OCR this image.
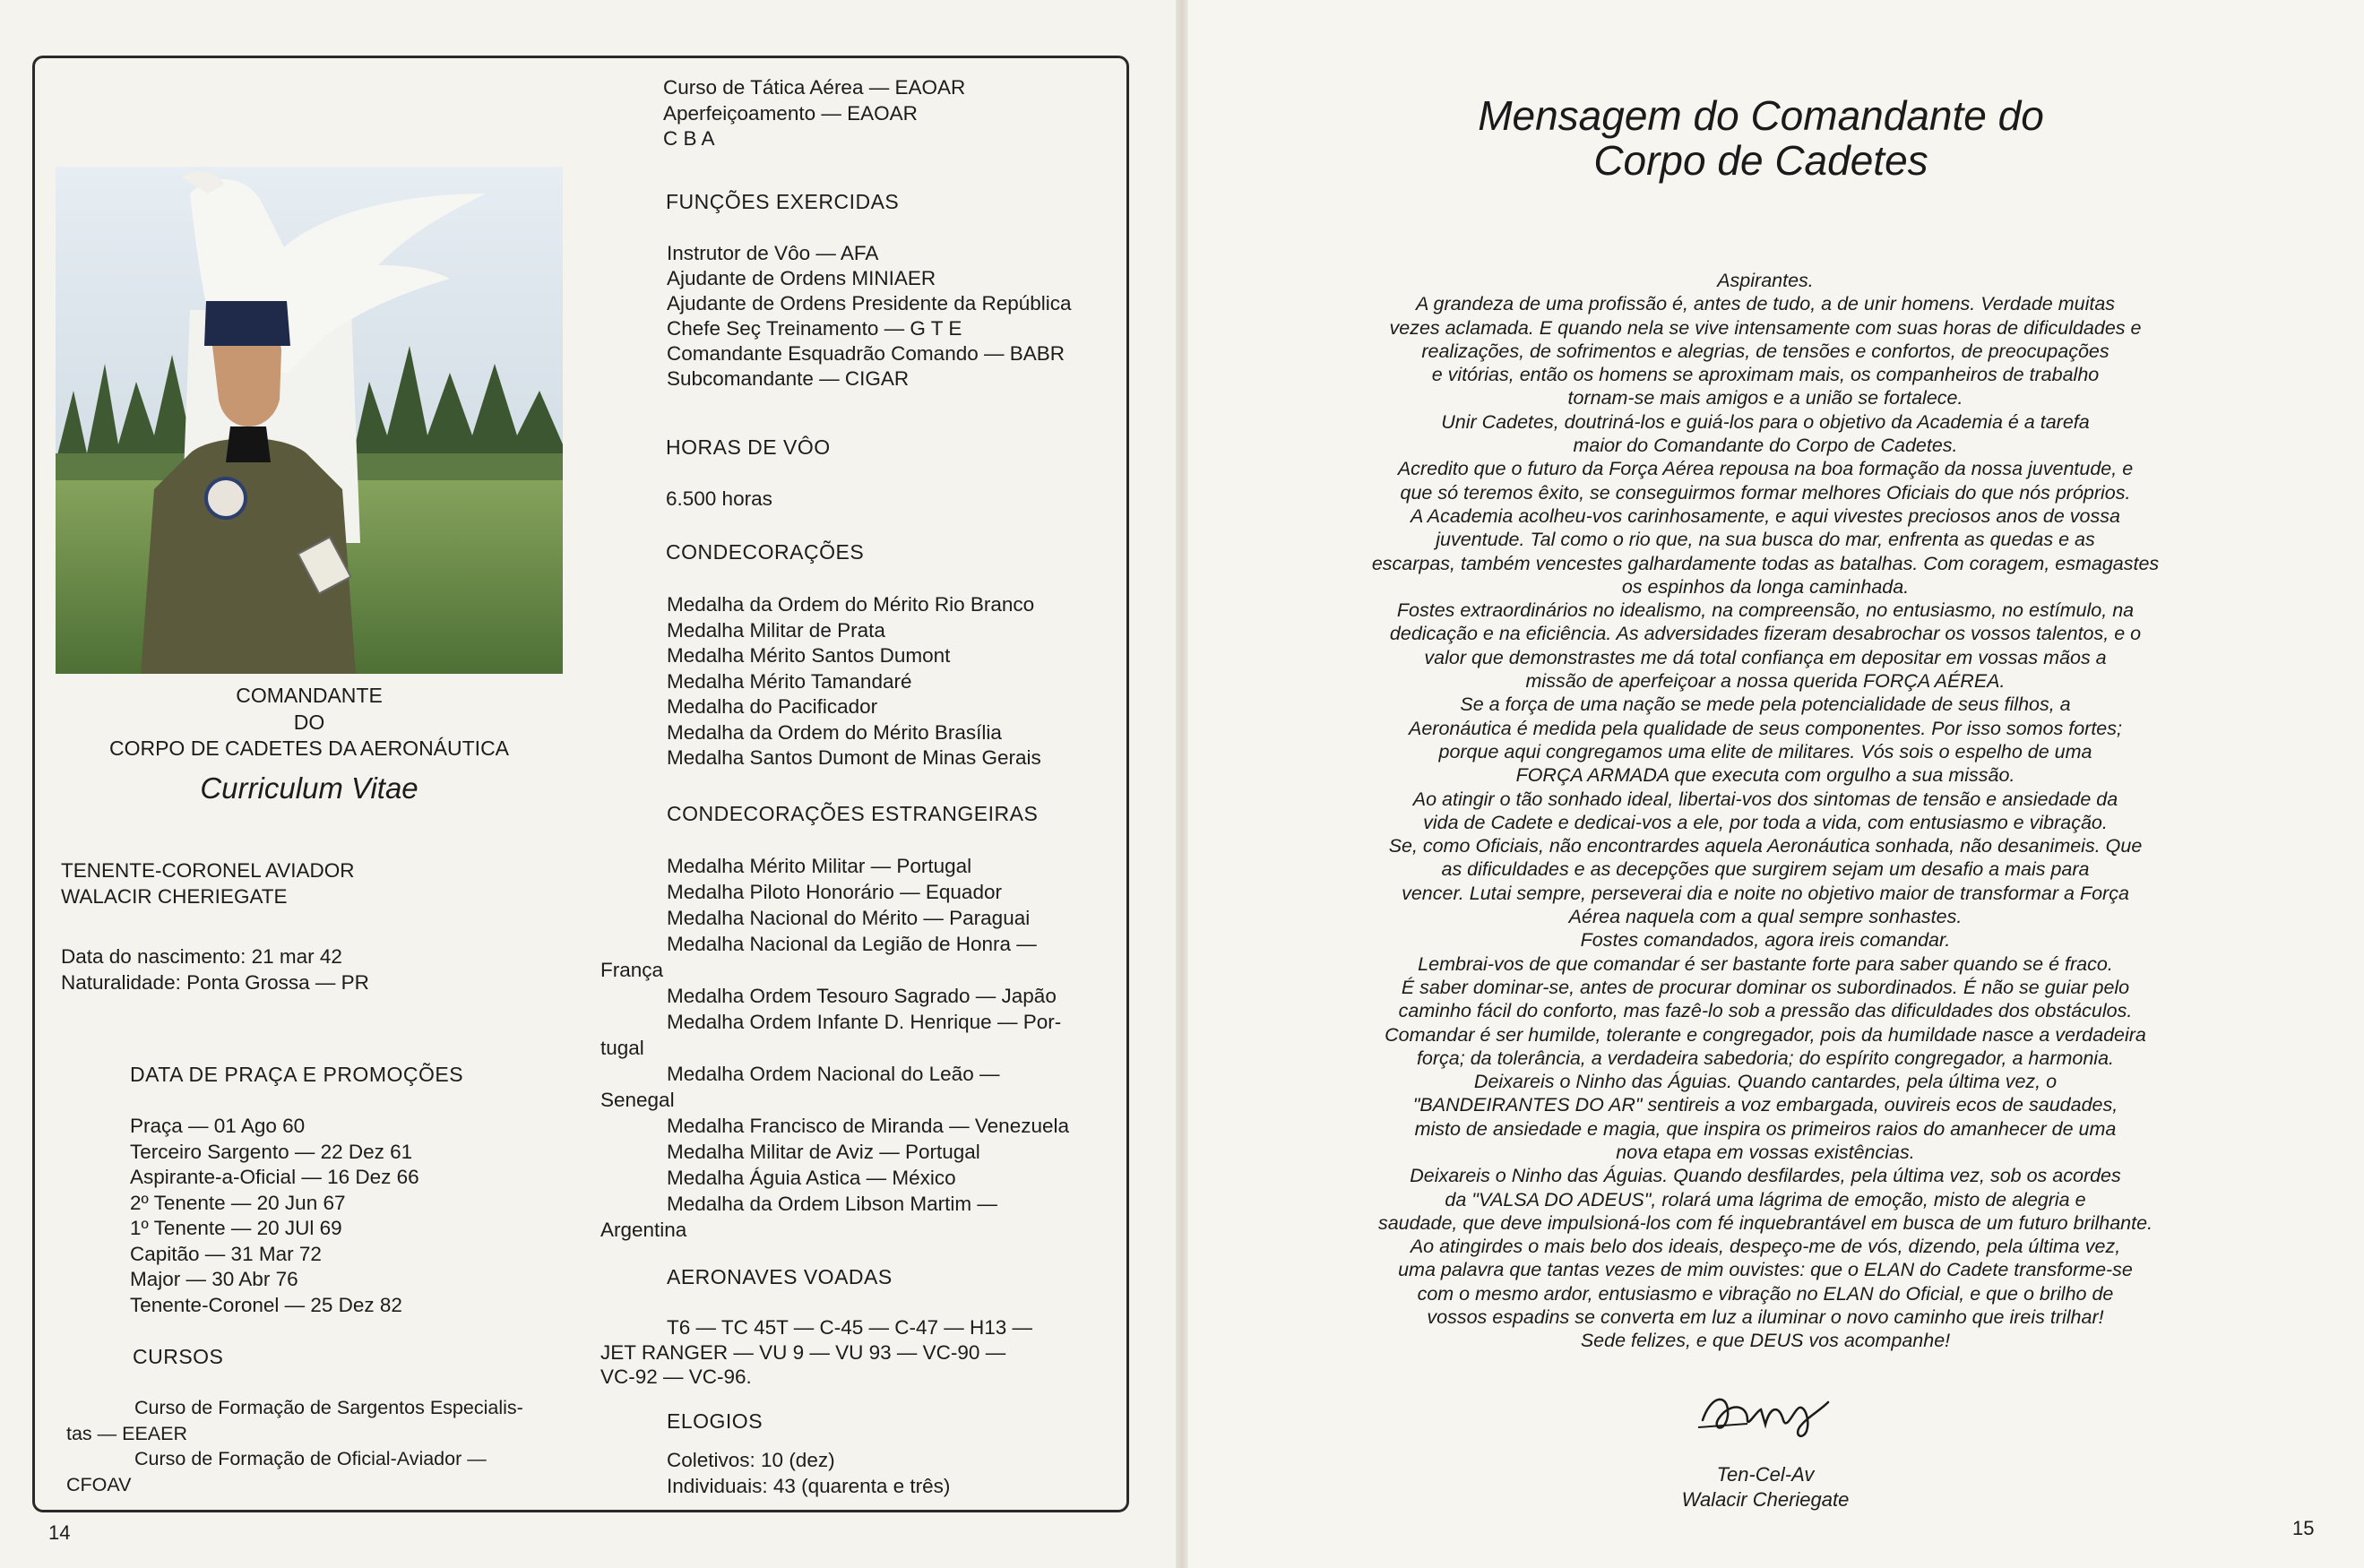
COMANDANTE
DO
CORPO DE CADETES DA AERONÁUTICA
Curriculum Vitae
TENENTE-CORONEL AVIADOR
WALACIR CHERIEGATE
Data do nascimento: 21 mar 42
Naturalidade: Ponta Grossa — PR
DATA DE PRAÇA E PROMOÇÕES
Praça — 01 Ago 60
Terceiro Sargento — 22 Dez 61
Aspirante-a-Oficial — 16 Dez 66
2º Tenente — 20 Jun 67
1º Tenente — 20 JUl 69
Capitão — 31 Mar 72
Major — 30 Abr 76
Tenente-Coronel — 25 Dez 82
CURSOS
Curso de Formação de Sargentos Especialis-
tas — EEAER
Curso de Formação de Oficial-Aviador —
CFOAV
Curso de Tática Aérea — EAOAR
Aperfeiçoamento — EAOAR
C B A
FUNÇÕES EXERCIDAS
Instrutor de Vôo — AFA
Ajudante de Ordens MINIAER
Ajudante de Ordens Presidente da República
Chefe Seç Treinamento — G T E
Comandante Esquadrão Comando — BABR
Subcomandante — CIGAR
HORAS DE VÔO
6.500 horas
CONDECORAÇÕES
Medalha da Ordem do Mérito Rio Branco
Medalha Militar de Prata
Medalha Mérito Santos Dumont
Medalha Mérito Tamandaré
Medalha do Pacificador
Medalha da Ordem do Mérito Brasília
Medalha Santos Dumont de Minas Gerais
CONDECORAÇÕES ESTRANGEIRAS
Medalha Mérito Militar — Portugal
Medalha Piloto Honorário — Equador
Medalha Nacional do Mérito — Paraguai
Medalha Nacional da Legião de Honra —
França
Medalha Ordem Tesouro Sagrado — Japão
Medalha Ordem Infante D. Henrique — Por-
tugal
Medalha Ordem Nacional do Leão —
Senegal
Medalha Francisco de Miranda — Venezuela
Medalha Militar de Aviz — Portugal
Medalha Águia Astica — México
Medalha da Ordem Libson Martim —
Argentina
AERONAVES VOADAS
T6 — TC 45T — C-45 — C-47 — H13 —
JET RANGER — VU 9 — VU 93 — VC-90 —
VC-92 — VC-96.
ELOGIOS
Coletivos: 10 (dez)
Individuais: 43 (quarenta e três)
14
Mensagem do Comandante do
Corpo de Cadetes
Aspirantes.
A grandeza de uma profissão é, antes de tudo, a de unir homens. Verdade muitas
vezes aclamada. E quando nela se vive intensamente com suas horas de dificuldades e
realizações, de sofrimentos e alegrias, de tensões e confortos, de preocupações
e vitórias, então os homens se aproximam mais, os companheiros de trabalho
tornam-se mais amigos e a união se fortalece.
Unir Cadetes, doutriná-los e guiá-los para o objetivo da Academia é a tarefa
maior do Comandante do Corpo de Cadetes.
Acredito que o futuro da Força Aérea repousa na boa formação da nossa juventude, e
que só teremos êxito, se conseguirmos formar melhores Oficiais do que nós próprios.
A Academia acolheu-vos carinhosamente, e aqui vivestes preciosos anos de vossa
juventude. Tal como o rio que, na sua busca do mar, enfrenta as quedas e as
escarpas, também vencestes galhardamente todas as batalhas. Com coragem, esmagastes
os espinhos da longa caminhada.
Fostes extraordinários no idealismo, na compreensão, no entusiasmo, no estímulo, na
dedicação e na eficiência. As adversidades fizeram desabrochar os vossos talentos, e o
valor que demonstrastes me dá total confiança em depositar em vossas mãos a
missão de aperfeiçoar a nossa querida FORÇA AÉREA.
Se a força de uma nação se mede pela potencialidade de seus filhos, a
Aeronáutica é medida pela qualidade de seus componentes. Por isso somos fortes;
porque aqui congregamos uma elite de militares. Vós sois o espelho de uma
FORÇA ARMADA que executa com orgulho a sua missão.
Ao atingir o tão sonhado ideal, libertai-vos dos sintomas de tensão e ansiedade da
vida de Cadete e dedicai-vos a ele, por toda a vida, com entusiasmo e vibração.
Se, como Oficiais, não encontrardes aquela Aeronáutica sonhada, não desanimeis. Que
as dificuldades e as decepções que surgirem sejam um desafio a mais para
vencer. Lutai sempre, perseverai dia e noite no objetivo maior de transformar a Força
Aérea naquela com a qual sempre sonhastes.
Fostes comandados, agora ireis comandar.
Lembrai-vos de que comandar é ser bastante forte para saber quando se é fraco.
É saber dominar-se, antes de procurar dominar os subordinados. É não se guiar pelo
caminho fácil do conforto, mas fazê-lo sob a pressão das dificuldades dos obstáculos.
Comandar é ser humilde, tolerante e congregador, pois da humildade nasce a verdadeira
força; da tolerância, a verdadeira sabedoria; do espírito congregador, a harmonia.
Deixareis o Ninho das Águias. Quando cantardes, pela última vez, o
"BANDEIRANTES DO AR" sentireis a voz embargada, ouvireis ecos de saudades,
misto de ansiedade e magia, que inspira os primeiros raios do amanhecer de uma
nova etapa em vossas existências.
Deixareis o Ninho das Águias. Quando desfilardes, pela última vez, sob os acordes
da "VALSA DO ADEUS", rolará uma lágrima de emoção, misto de alegria e
saudade, que deve impulsioná-los com fé inquebrantável em busca de um futuro brilhante.
Ao atingirdes o mais belo dos ideais, despeço-me de vós, dizendo, pela última vez,
uma palavra que tantas vezes de mim ouvistes: que o ELAN do Cadete transforme-se
com o mesmo ardor, entusiasmo e vibração no ELAN do Oficial, e que o brilho de
vossos espadins se converta em luz a iluminar o novo caminho que ireis trilhar!
Sede felizes, e que DEUS vos acompanhe!
Ten-Cel-Av
Walacir Cheriegate
15
